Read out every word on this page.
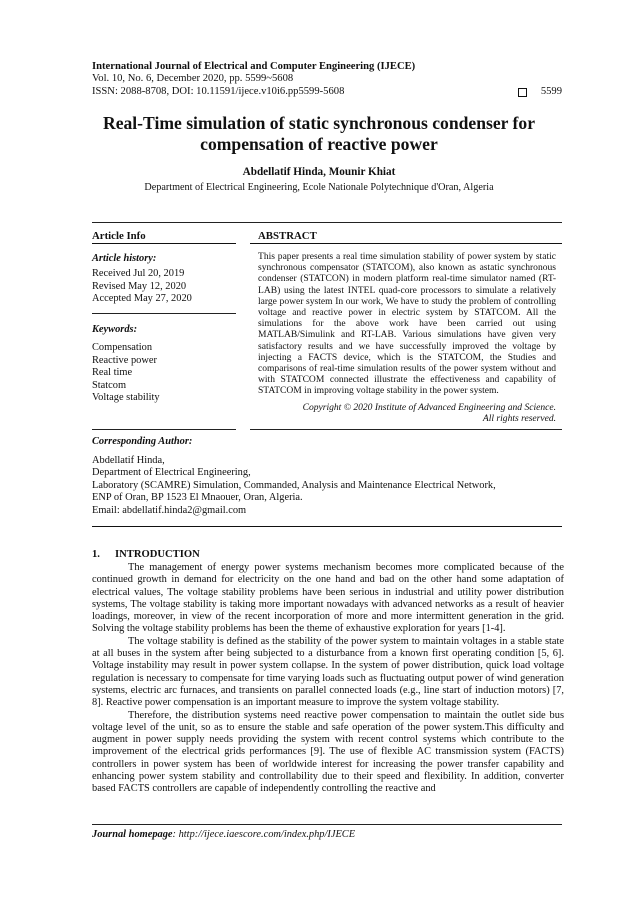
International Journal of Electrical and Computer Engineering (IJECE)
Vol. 10, No. 6, December 2020, pp. 5599~5608
ISSN: 2088-8708, DOI: 10.11591/ijece.v10i6.pp5599-5608	5599
Real-Time simulation of static synchronous condenser for
compensation of reactive power
Abdellatif Hinda, Mounir Khiat
Department of Electrical Engineering, Ecole Nationale Polytechnique d'Oran, Algeria
Article Info	ABSTRACT
Article history:
Received Jul 20, 2019
Revised May 12, 2020
Accepted May 27, 2020
Keywords:
Compensation
Reactive power
Real time
Statcom
Voltage stability
This paper presents a real time simulation stability of power system by static synchronous compensator (STATCOM), also known as astatic synchronous condenser (STATCON) in modern platform real-time simulator named (RT-LAB) using the latest INTEL quad-core processors to simulate a relatively large power system In our work, We have to study the problem of controlling voltage and reactive power in electric system by STATCOM. All the simulations for the above work have been carried out using MATLAB/Simulink and RT-LAB. Various simulations have given very satisfactory results and we have successfully improved the voltage by injecting a FACTS device, which is the STATCOM, the Studies and comparisons of real-time simulation results of the power system without and with STATCOM connected illustrate the effectiveness and capability of STATCOM in improving voltage stability in the power system.
Copyright © 2020 Institute of Advanced Engineering and Science.
All rights reserved.
Corresponding Author:
Abdellatif Hinda,
Department of Electrical Engineering,
Laboratory (SCAMRE) Simulation, Commanded, Analysis and Maintenance Electrical Network,
ENP of Oran, BP 1523 El Mnaouer, Oran, Algeria.
Email: abdellatif.hinda2@gmail.com
1. INTRODUCTION

The management of energy power systems mechanism becomes more complicated because of the continued growth in demand for electricity on the one hand and bad on the other hand some adaptation of electrical values, The voltage stability problems have been serious in industrial and utility power distribution systems, The voltage stability is taking more important nowadays with advanced networks as a result of heavier loadings, moreover, in view of the recent incorporation of more and more intermittent generation in the grid. Solving the voltage stability problems has been the theme of exhaustive exploration for years [1-4].

The voltage stability is defined as the stability of the power system to maintain voltages in a stable state at all buses in the system after being subjected to a disturbance from a known first operating condition [5, 6]. Voltage instability may result in power system collapse. In the system of power distribution, quick load voltage regulation is necessary to compensate for time varying loads such as fluctuating output power of wind generation systems, electric arc furnaces, and transients on parallel connected loads (e.g., line start of induction motors) [7, 8]. Reactive power compensation is an important measure to improve the system voltage stability.

Therefore, the distribution systems need reactive power compensation to maintain the outlet side bus voltage level of the unit, so as to ensure the stable and safe operation of the power system.This difficulty and augment in power supply needs providing the system with recent control systems which contribute to the improvement of the electrical grids performances [9]. The use of flexible AC transmission system (FACTS) controllers in power system has been of worldwide interest for increasing the power transfer capability and enhancing power system stability and controllability due to their speed and flexibility. In addition, converter based FACTS controllers are capable of independently controlling the reactive and

Journal homepage: http://ijece.iaescore.com/index.php/IJECE
